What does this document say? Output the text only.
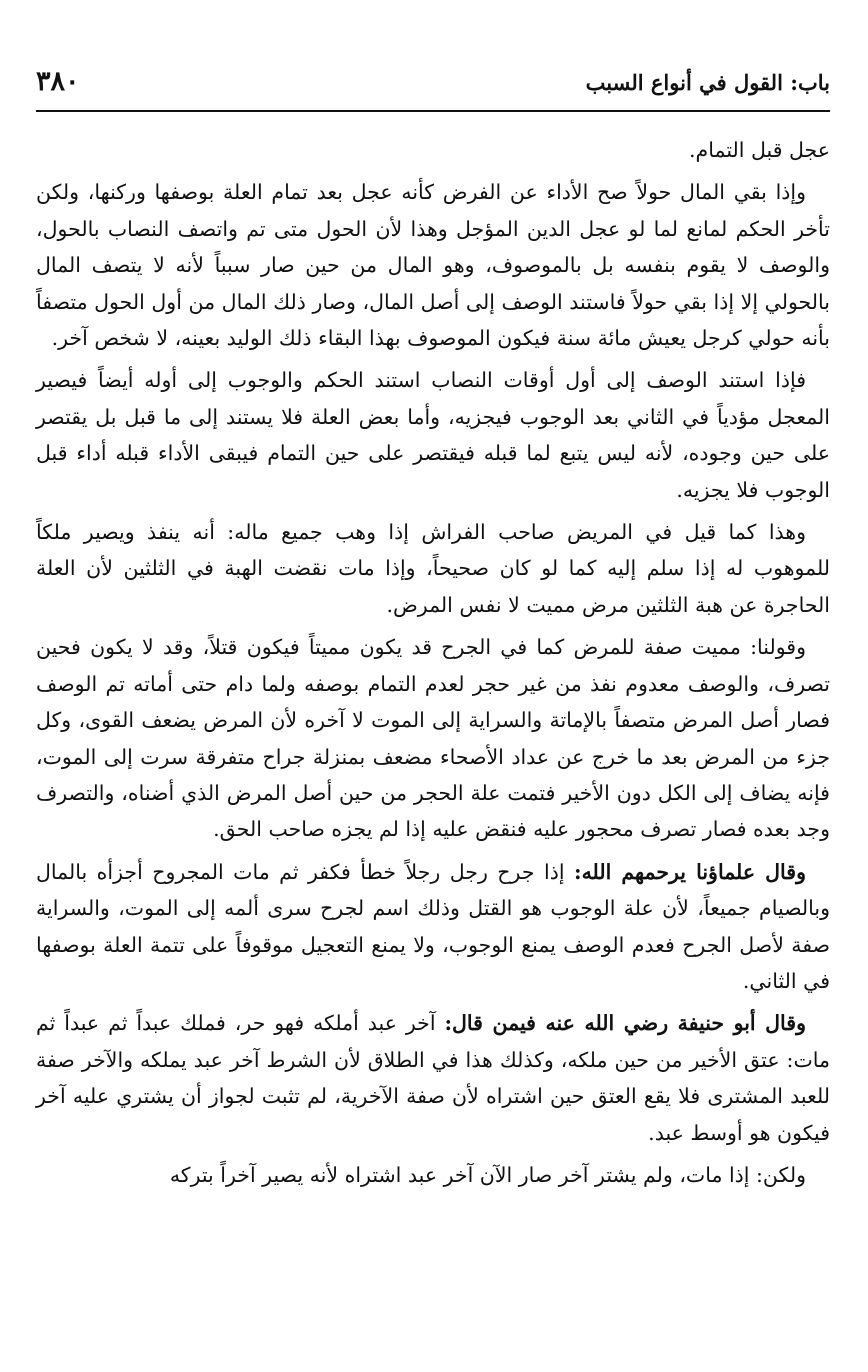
٣٨٠	باب: القول في أنواع السبب

عجل قبل التمام.

وإذا بقي المال حولاً صح الأداء عن الفرض كأنه عجل بعد تمام العلة بوصفها وركنها، ولكن تأخر الحكم لمانع لما لو عجل الدين المؤجل وهذا لأن الحول متى تم واتصف النصاب بالحول، والوصف لا يقوم بنفسه بل بالموصوف، وهو المال من حين صار سبباً لأنه لا يتصف المال بالحولي إلا إذا بقي حولاً فاستند الوصف إلى أصل المال، وصار ذلك المال من أول الحول متصفاً بأنه حولي كرجل يعيش مائة سنة فيكون الموصوف بهذا البقاء ذلك الوليد بعينه، لا شخص آخر.

فإذا استند الوصف إلى أول أوقات النصاب استند الحكم والوجوب إلى أوله أيضاً فيصير المعجل مؤدياً في الثاني بعد الوجوب فيجزيه، وأما بعض العلة فلا يستند إلى ما قبل بل يقتصر على حين وجوده، لأنه ليس يتبع لما قبله فيقتصر على حين التمام فيبقى الأداء قبله أداء قبل الوجوب فلا يجزيه.

وهذا كما قيل في المريض صاحب الفراش إذا وهب جميع ماله: أنه ينفذ ويصير ملكاً للموهوب له إذا سلم إليه كما لو كان صحيحاً، وإذا مات نقضت الهبة في الثلثين لأن العلة الحاجرة عن هبة الثلثين مرض مميت لا نفس المرض.

وقولنا: مميت صفة للمرض كما في الجرح قد يكون مميتاً فيكون قتلاً، وقد لا يكون فحين تصرف، والوصف معدوم نفذ من غير حجر لعدم التمام بوصفه ولما دام حتى أماته تم الوصف فصار أصل المرض متصفاً بالإماتة والسراية إلى الموت لا آخره لأن المرض يضعف القوى، وكل جزء من المرض بعد ما خرج عن عداد الأصحاء مضعف بمنزلة جراح متفرقة سرت إلى الموت، فإنه يضاف إلى الكل دون الأخير فتمت علة الحجر من حين أصل المرض الذي أضناه، والتصرف وجد بعده فصار تصرف محجور عليه فنقض عليه إذا لم يجزه صاحب الحق.

وقال علماؤنا يرحمهم الله: إذا جرح رجل رجلاً خطأ فكفر ثم مات المجروح أجزأه بالمال وبالصيام جميعاً، لأن علة الوجوب هو القتل وذلك اسم لجرح سرى ألمه إلى الموت، والسراية صفة لأصل الجرح فعدم الوصف يمنع الوجوب، ولا يمنع التعجيل موقوفاً على تتمة العلة بوصفها في الثاني.

وقال أبو حنيفة رضي الله عنه فيمن قال: آخر عبد أملكه فهو حر، فملك عبداً ثم عبداً ثم مات: عتق الأخير من حين ملكه، وكذلك هذا في الطلاق لأن الشرط آخر عبد يملكه والآخر صفة للعبد المشترى فلا يقع العتق حين اشتراه لأن صفة الآخرية، لم تثبت لجواز أن يشتري عليه آخر فيكون هو أوسط عبد.

ولكن: إذا مات، ولم يشتر آخر صار الآن آخر عبد اشتراه لأنه يصير آخراً بتركه
